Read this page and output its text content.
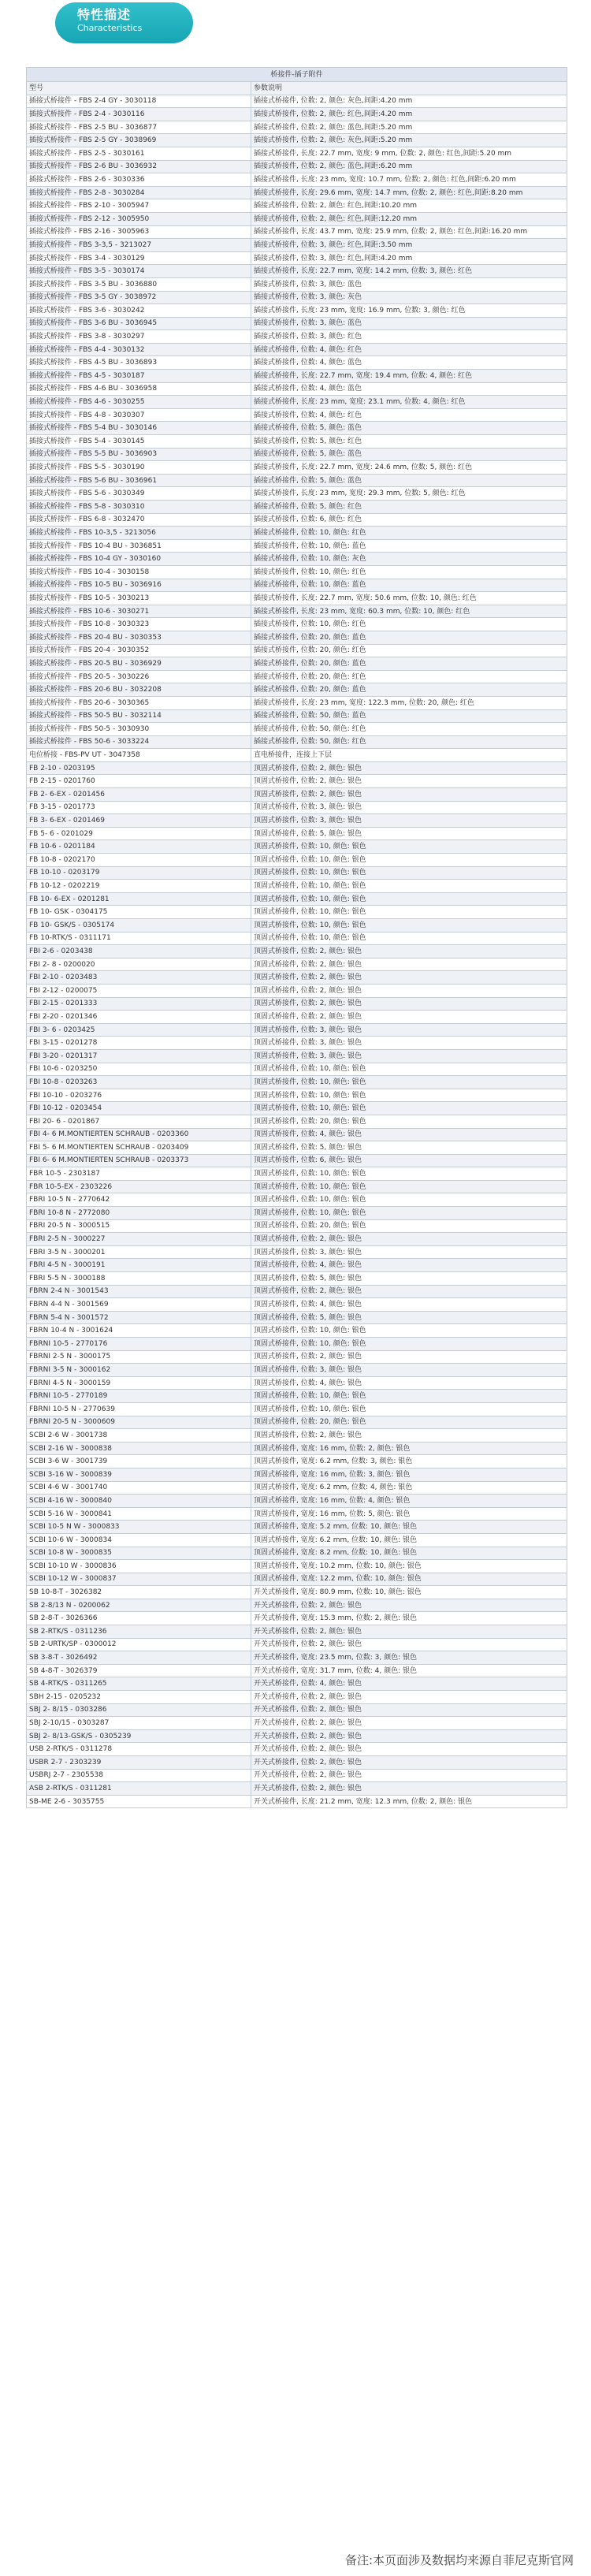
特性描述
Characteristics
桥接件-插子附件	
型号	参数说明
插接式桥接件 - FBS 2-4 GY - 3030118	插接式桥接件, 位数: 2, 颜色: 灰色,间距:4.20 mm
插接式桥接件 - FBS 2-4 - 3030116	插接式桥接件, 位数: 2, 颜色: 红色,间距:4.20 mm
插接式桥接件 - FBS 2-5 BU - 3036877	插接式桥接件, 位数: 2, 颜色: 蓝色,间距:5.20 mm
插接式桥接件 - FBS 2-5 GY - 3038969	插接式桥接件, 位数: 2, 颜色: 灰色,间距:5.20 mm
插接式桥接件 - FBS 2-5 - 3030161	插接式桥接件, 长度: 22.7 mm, 宽度: 9 mm, 位数: 2, 颜色: 红色,间距:5.20 mm
插接式桥接件 - FBS 2-6 BU - 3036932	插接式桥接件, 位数: 2, 颜色: 蓝色,间距:6.20 mm
插接式桥接件 - FBS 2-6 - 3030336	插接式桥接件, 长度: 23 mm, 宽度: 10.7 mm, 位数: 2, 颜色: 红色,间距:6.20 mm
插接式桥接件 - FBS 2-8 - 3030284	插接式桥接件, 长度: 29.6 mm, 宽度: 14.7 mm, 位数: 2, 颜色: 红色,间距:8.20 mm
插接式桥接件 - FBS 2-10 - 3005947	插接式桥接件, 位数: 2, 颜色: 红色,间距:10.20 mm
插接式桥接件 - FBS 2-12 - 3005950	插接式桥接件, 位数: 2, 颜色: 红色,间距:12.20 mm
插接式桥接件 - FBS 2-16 - 3005963	插接式桥接件, 长度: 43.7 mm, 宽度: 25.9 mm, 位数: 2, 颜色: 红色,间距:16.20 mm
插接式桥接件 - FBS 3-3,5 - 3213027	插接式桥接件, 位数: 3, 颜色: 红色,间距:3.50 mm
插接式桥接件 - FBS 3-4 - 3030129	插接式桥接件, 位数: 3, 颜色: 红色,间距:4.20 mm
插接式桥接件 - FBS 3-5 - 3030174	插接式桥接件, 长度: 22.7 mm, 宽度: 14.2 mm, 位数: 3, 颜色: 红色
插接式桥接件 - FBS 3-5 BU - 3036880	插接式桥接件, 位数: 3, 颜色: 蓝色
插接式桥接件 - FBS 3-5 GY - 3038972	插接式桥接件, 位数: 3, 颜色: 灰色
插接式桥接件 - FBS 3-6 - 3030242	插接式桥接件, 长度: 23 mm, 宽度: 16.9 mm, 位数: 3, 颜色: 红色
插接式桥接件 - FBS 3-6 BU - 3036945	插接式桥接件, 位数: 3, 颜色: 蓝色
插接式桥接件 - FBS 3-8 - 3030297	插接式桥接件, 位数: 3, 颜色: 红色
插接式桥接件 - FBS 4-4 - 3030132	插接式桥接件, 位数: 4, 颜色: 红色
插接式桥接件 - FBS 4-5 BU - 3036893	插接式桥接件, 位数: 4, 颜色: 蓝色
插接式桥接件 - FBS 4-5 - 3030187	插接式桥接件, 长度: 22.7 mm, 宽度: 19.4 mm, 位数: 4, 颜色: 红色
插接式桥接件 - FBS 4-6 BU - 3036958	插接式桥接件, 位数: 4, 颜色: 蓝色
插接式桥接件 - FBS 4-6 - 3030255	插接式桥接件, 长度: 23 mm, 宽度: 23.1 mm, 位数: 4, 颜色: 红色
插接式桥接件 - FBS 4-8 - 3030307	插接式桥接件, 位数: 4, 颜色: 红色
插接式桥接件 - FBS 5-4 BU - 3030146	插接式桥接件, 位数: 5, 颜色: 蓝色
插接式桥接件 - FBS 5-4 - 3030145	插接式桥接件, 位数: 5, 颜色: 红色
插接式桥接件 - FBS 5-5 BU - 3036903	插接式桥接件, 位数: 5, 颜色: 蓝色
插接式桥接件 - FBS 5-5 - 3030190	插接式桥接件, 长度: 22.7 mm, 宽度: 24.6 mm, 位数: 5, 颜色: 红色
插接式桥接件 - FBS 5-6 BU - 3036961	插接式桥接件, 位数: 5, 颜色: 蓝色
插接式桥接件 - FBS 5-6 - 3030349	插接式桥接件, 长度: 23 mm, 宽度: 29.3 mm, 位数: 5, 颜色: 红色
插接式桥接件 - FBS 5-8 - 3030310	插接式桥接件, 位数: 5, 颜色: 红色
插接式桥接件 - FBS 6-8 - 3032470	插接式桥接件, 位数: 6, 颜色: 红色
插接式桥接件 - FBS 10-3,5 - 3213056	插接式桥接件, 位数: 10, 颜色: 红色
插接式桥接件 - FBS 10-4 BU - 3036851	插接式桥接件, 位数: 10, 颜色: 蓝色
插接式桥接件 - FBS 10-4 GY - 3030160	插接式桥接件, 位数: 10, 颜色: 灰色
插接式桥接件 - FBS 10-4 - 3030158	插接式桥接件, 位数: 10, 颜色: 红色
插接式桥接件 - FBS 10-5 BU - 3036916	插接式桥接件, 位数: 10, 颜色: 蓝色
插接式桥接件 - FBS 10-5 - 3030213	插接式桥接件, 长度: 22.7 mm, 宽度: 50.6 mm, 位数: 10, 颜色: 红色
插接式桥接件 - FBS 10-6 - 3030271	插接式桥接件, 长度: 23 mm, 宽度: 60.3 mm, 位数: 10, 颜色: 红色
插接式桥接件 - FBS 10-8 - 3030323	插接式桥接件, 位数: 10, 颜色: 红色
插接式桥接件 - FBS 20-4 BU - 3030353	插接式桥接件, 位数: 20, 颜色: 蓝色
插接式桥接件 - FBS 20-4 - 3030352	插接式桥接件, 位数: 20, 颜色: 红色
插接式桥接件 - FBS 20-5 BU - 3036929	插接式桥接件, 位数: 20, 颜色: 蓝色
插接式桥接件 - FBS 20-5 - 3030226	插接式桥接件, 位数: 20, 颜色: 红色
插接式桥接件 - FBS 20-6 BU - 3032208	插接式桥接件, 位数: 20, 颜色: 蓝色
插接式桥接件 - FBS 20-6 - 3030365	插接式桥接件, 长度: 23 mm, 宽度: 122.3 mm, 位数: 20, 颜色: 红色
插接式桥接件 - FBS 50-5 BU - 3032114	插接式桥接件, 位数: 50, 颜色: 蓝色
插接式桥接件 - FBS 50-5 - 3030930	插接式桥接件, 位数: 50, 颜色: 红色
插接式桥接件 - FBS 50-6 - 3033224	插接式桥接件, 位数: 50, 颜色: 红色
电位桥接 - FBS-PV UT - 3047358	直电桥接件，连接上下层
FB 2-10 - 0203195	顶固式桥接件, 位数: 2, 颜色: 银色
FB 2-15 - 0201760	顶固式桥接件, 位数: 2, 颜色: 银色
FB 2- 6-EX - 0201456	顶固式桥接件, 位数: 2, 颜色: 银色
FB 3-15 - 0201773	顶固式桥接件, 位数: 3, 颜色: 银色
FB 3- 6-EX - 0201469	顶固式桥接件, 位数: 3, 颜色: 银色
FB 5- 6 - 0201029	顶固式桥接件, 位数: 5, 颜色: 银色
FB 10-6 - 0201184	顶固式桥接件, 位数: 10, 颜色: 银色
FB 10-8 - 0202170	顶固式桥接件, 位数: 10, 颜色: 银色
FB 10-10 - 0203179	顶固式桥接件, 位数: 10, 颜色: 银色
FB 10-12 - 0202219	顶固式桥接件, 位数: 10, 颜色: 银色
FB 10- 6-EX - 0201281	顶固式桥接件, 位数: 10, 颜色: 银色
FB 10- GSK - 0304175	顶固式桥接件, 位数: 10, 颜色: 银色
FB 10- GSK/S - 0305174	顶固式桥接件, 位数: 10, 颜色: 银色
FB 10-RTK/S - 0311171	顶固式桥接件, 位数: 10, 颜色: 银色
FBI 2-6 - 0203438	顶固式桥接件, 位数: 2, 颜色: 银色
FBI 2- 8 - 0200020	顶固式桥接件, 位数: 2, 颜色: 银色
FBI 2-10 - 0203483	顶固式桥接件, 位数: 2, 颜色: 银色
FBI 2-12 - 0200075	顶固式桥接件, 位数: 2, 颜色: 银色
FBI 2-15 - 0201333	顶固式桥接件, 位数: 2, 颜色: 银色
FBI 2-20 - 0201346	顶固式桥接件, 位数: 2, 颜色: 银色
FBI 3- 6 - 0203425	顶固式桥接件, 位数: 3, 颜色: 银色
FBI 3-15 - 0201278	顶固式桥接件, 位数: 3, 颜色: 银色
FBI 3-20 - 0201317	顶固式桥接件, 位数: 3, 颜色: 银色
FBI 10-6 - 0203250	顶固式桥接件, 位数: 10, 颜色: 银色
FBI 10-8 - 0203263	顶固式桥接件, 位数: 10, 颜色: 银色
FBI 10-10 - 0203276	顶固式桥接件, 位数: 10, 颜色: 银色
FBI 10-12 - 0203454	顶固式桥接件, 位数: 10, 颜色: 银色
FBI 20- 6 - 0201867	顶固式桥接件, 位数: 20, 颜色: 银色
FBI 4- 6 M.MONTIERTEN SCHRAUB - 0203360	顶固式桥接件, 位数: 4, 颜色: 银色
FBI 5- 6 M.MONTIERTEN SCHRAUB - 0203409	顶固式桥接件, 位数: 5, 颜色: 银色
FBI 6- 6 M.MONTIERTEN SCHRAUB - 0203373	顶固式桥接件, 位数: 6, 颜色: 银色
FBR 10-5 - 2303187	顶固式桥接件, 位数: 10, 颜色: 银色
FBR 10-5-EX - 2303226	顶固式桥接件, 位数: 10, 颜色: 银色
FBRI 10-5 N - 2770642	顶固式桥接件, 位数: 10, 颜色: 银色
FBRI 10-8 N - 2772080	顶固式桥接件, 位数: 10, 颜色: 银色
FBRI 20-5 N - 3000515	顶固式桥接件, 位数: 20, 颜色: 银色
FBRI 2-5 N - 3000227	顶固式桥接件, 位数: 2, 颜色: 银色
FBRI 3-5 N - 3000201	顶固式桥接件, 位数: 3, 颜色: 银色
FBRI 4-5 N - 3000191	顶固式桥接件, 位数: 4, 颜色: 银色
FBRI 5-5 N - 3000188	顶固式桥接件, 位数: 5, 颜色: 银色
FBRN 2-4 N - 3001543	顶固式桥接件, 位数: 2, 颜色: 银色
FBRN 4-4 N - 3001569	顶固式桥接件, 位数: 4, 颜色: 银色
FBRN 5-4 N - 3001572	顶固式桥接件, 位数: 5, 颜色: 银色
FBRN 10-4 N - 3001624	顶固式桥接件, 位数: 10, 颜色: 银色
FBRNI 10-5 - 2770176	顶固式桥接件, 位数: 10, 颜色: 银色
FBRNI 2-5 N - 3000175	顶固式桥接件, 位数: 2, 颜色: 银色
FBRNI 3-5 N - 3000162	顶固式桥接件, 位数: 3, 颜色: 银色
FBRNI 4-5 N - 3000159	顶固式桥接件, 位数: 4, 颜色: 银色
FBRNI 10-5 - 2770189	顶固式桥接件, 位数: 10, 颜色: 银色
FBRNI 10-5 N - 2770639	顶固式桥接件, 位数: 10, 颜色: 银色
FBRNI 20-5 N - 3000609	顶固式桥接件, 位数: 20, 颜色: 银色
SCBI 2-6 W - 3001738	顶固式桥接件, 位数: 2, 颜色: 银色
SCBI 2-16 W - 3000838	顶固式桥接件, 宽度: 16 mm, 位数: 2, 颜色: 银色
SCBI 3-6 W - 3001739	顶固式桥接件, 宽度: 6.2 mm, 位数: 3, 颜色: 银色
SCBI 3-16 W - 3000839	顶固式桥接件, 宽度: 16 mm, 位数: 3, 颜色: 银色
SCBI 4-6 W - 3001740	顶固式桥接件, 宽度: 6.2 mm, 位数: 4, 颜色: 银色
SCBI 4-16 W - 3000840	顶固式桥接件, 宽度: 16 mm, 位数: 4, 颜色: 银色
SCBI 5-16 W - 3000841	顶固式桥接件, 宽度: 16 mm, 位数: 5, 颜色: 银色
SCBI 10-5 N W - 3000833	顶固式桥接件, 宽度: 5.2 mm, 位数: 10, 颜色: 银色
SCBI 10-6 W - 3000834	顶固式桥接件, 宽度: 6.2 mm, 位数: 10, 颜色: 银色
SCBI 10-8 W - 3000835	顶固式桥接件, 宽度: 8.2 mm, 位数: 10, 颜色: 银色
SCBI 10-10 W - 3000836	顶固式桥接件, 宽度: 10.2 mm, 位数: 10, 颜色: 银色
SCBI 10-12 W - 3000837	顶固式桥接件, 宽度: 12.2 mm, 位数: 10, 颜色: 银色
SB 10-8-T - 3026382	开关式桥接件, 宽度: 80.9 mm, 位数: 10, 颜色: 银色
SB 2-8/13 N - 0200062	开关式桥接件, 位数: 2, 颜色: 银色
SB 2-8-T - 3026366	开关式桥接件, 宽度: 15.3 mm, 位数: 2, 颜色: 银色
SB 2-RTK/S - 0311236	开关式桥接件, 位数: 2, 颜色: 银色
SB 2-URTK/SP - 0300012	开关式桥接件, 位数: 2, 颜色: 银色
SB 3-8-T - 3026492	开关式桥接件, 宽度: 23.5 mm, 位数: 3, 颜色: 银色
SB 4-8-T - 3026379	开关式桥接件, 宽度: 31.7 mm, 位数: 4, 颜色: 银色
SB 4-RTK/S - 0311265	开关式桥接件, 位数: 4, 颜色: 银色
SBH 2-15 - 0205232	开关式桥接件, 位数: 2, 颜色: 银色
SBJ 2- 8/15 - 0303286	开关式桥接件, 位数: 2, 颜色: 银色
SBJ 2-10/15 - 0303287	开关式桥接件, 位数: 2, 颜色: 银色
SBJ 2- 8/13-GSK/S - 0305239	开关式桥接件, 位数: 2, 颜色: 银色
USB 2-RTK/S - 0311278	开关式桥接件, 位数: 2, 颜色: 银色
USBR 2-7 - 2303239	开关式桥接件, 位数: 2, 颜色: 银色
USBRJ 2-7 - 2305538	开关式桥接件, 位数: 2, 颜色: 银色
ASB 2-RTK/S - 0311281	开关式桥接件, 位数: 2, 颜色: 银色
SB-ME 2-6 - 3035755	开关式桥接件, 长度: 21.2 mm, 宽度: 12.3 mm, 位数: 2, 颜色: 银色
备注:本页面涉及数据均来源自菲尼克斯官网
